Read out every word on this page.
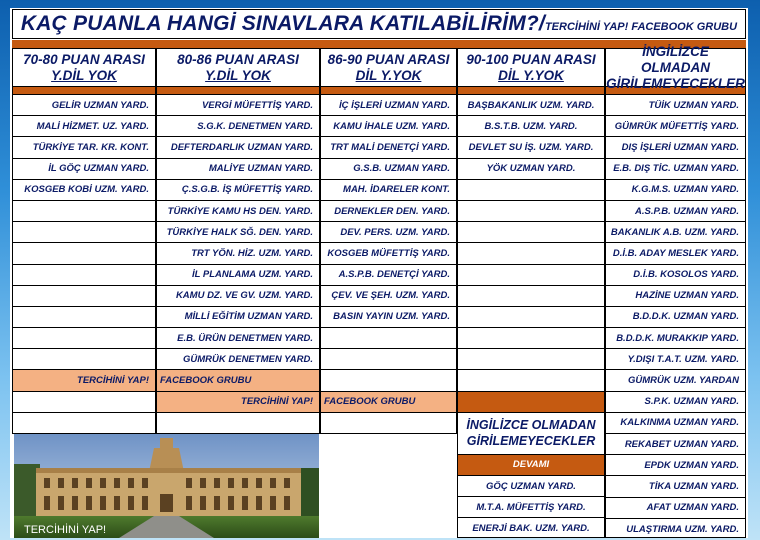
KAÇ PUANLA HANGİ SINAVLARA KATILABİLİRİM?/ TERCİHİNİ YAP! FACEBOOK GRUBU
70-80 PUAN ARASI
Y.DİL YOK
GELİR UZMAN YARD.
MALİ HİZMET. UZ. YARD.
TÜRKİYE TAR. KR. KONT.
İL GÖÇ UZMAN YARD.
KOSGEB KOBİ UZM. YARD.
TERCİHİNİ YAP!
80-86 PUAN ARASI
Y.DİL YOK
VERGİ MÜFETTİŞ YARD.
S.G.K. DENETMEN YARD.
DEFTERDARLIK UZMAN YARD.
MALİYE UZMAN YARD.
Ç.S.G.B. İŞ MÜFETTİŞ YARD.
TÜRKİYE KAMU HS DEN. YARD.
TÜRKİYE HALK SĞ. DEN. YARD.
TRT YÖN. HİZ. UZM. YARD.
İL PLANLAMA UZM. YARD.
KAMU DZ. VE GV. UZM. YARD.
MİLLİ EĞİTİM UZMAN YARD.
E.B. ÜRÜN DENETMEN YARD.
GÜMRÜK DENETMEN YARD.
FACEBOOK GRUBU
TERCİHİNİ YAP!
86-90 PUAN ARASI
DİL Y.YOK
İÇ İŞLERİ UZMAN YARD.
KAMU İHALE UZM. YARD.
TRT MALİ DENETÇİ YARD.
G.S.B. UZMAN YARD.
MAH. İDARELER KONT.
DERNEKLER DEN. YARD.
DEV. PERS. UZM. YARD.
KOSGEB MÜFETTİŞ YARD.
A.S.P.B. DENETÇİ YARD.
ÇEV. VE ŞEH. UZM. YARD.
BASIN YAYIN UZM. YARD.
FACEBOOK GRUBU
90-100 PUAN ARASI
DİL Y.YOK
BAŞBAKANLIK UZM. YARD.
B.S.T.B. UZM. YARD.
DEVLET SU İŞ. UZM. YARD.
YÖK UZMAN YARD.
İNGİLİZCE OLMADAN
GİRİLEMEYECEKLER
DEVAMI
GÖÇ UZMAN YARD.
M.T.A. MÜFETTİŞ YARD.
ENERJİ BAK. UZM. YARD.
İNGİLİZCE OLMADAN
GİRİLEMEYECEKLER
TÜİK UZMAN YARD.
GÜMRÜK MÜFETTİŞ YARD.
DIŞ İŞLERİ UZMAN YARD.
E.B. DIŞ TİC. UZMAN YARD.
K.G.M.S. UZMAN YARD.
A.S.P.B. UZMAN YARD.
BAKANLIK A.B. UZM. YARD.
D.İ.B. ADAY MESLEK YARD.
D.İ.B. KOSOLOS YARD.
HAZİNE UZMAN YARD.
B.D.D.K. UZMAN YARD.
B.D.D.K. MURAKKIP YARD.
Y.DIŞI T.A.T. UZM. YARD.
GÜMRÜK UZM. YARDAN
S.P.K. UZMAN YARD.
KALKINMA UZMAN YARD.
REKABET UZMAN YARD.
EPDK UZMAN YARD.
TİKA UZMAN YARD.
AFAT UZMAN YARD.
ULAŞTIRMA UZM. YARD.
TERCİHİNİ YAP!
